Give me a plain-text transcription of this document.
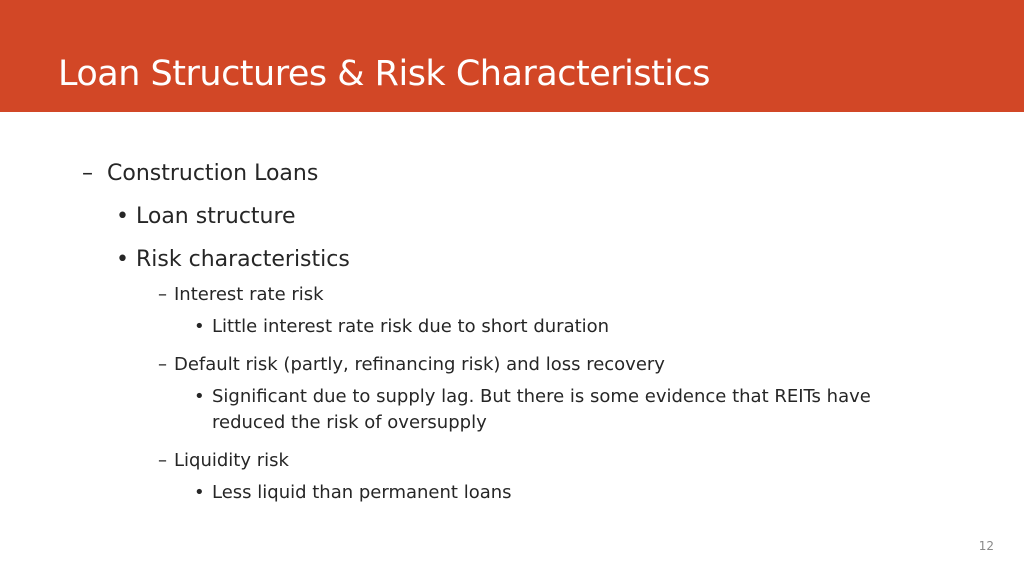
Loan Structures & Risk Characteristics
– Construction Loans
• Loan structure
• Risk characteristics
– Interest rate risk
• Little interest rate risk due to short duration
– Default risk (partly, refinancing risk) and loss recovery
• Significant due to supply lag. But there is some evidence that REITs have
reduced the risk of oversupply
– Liquidity risk
• Less liquid than permanent loans
12
